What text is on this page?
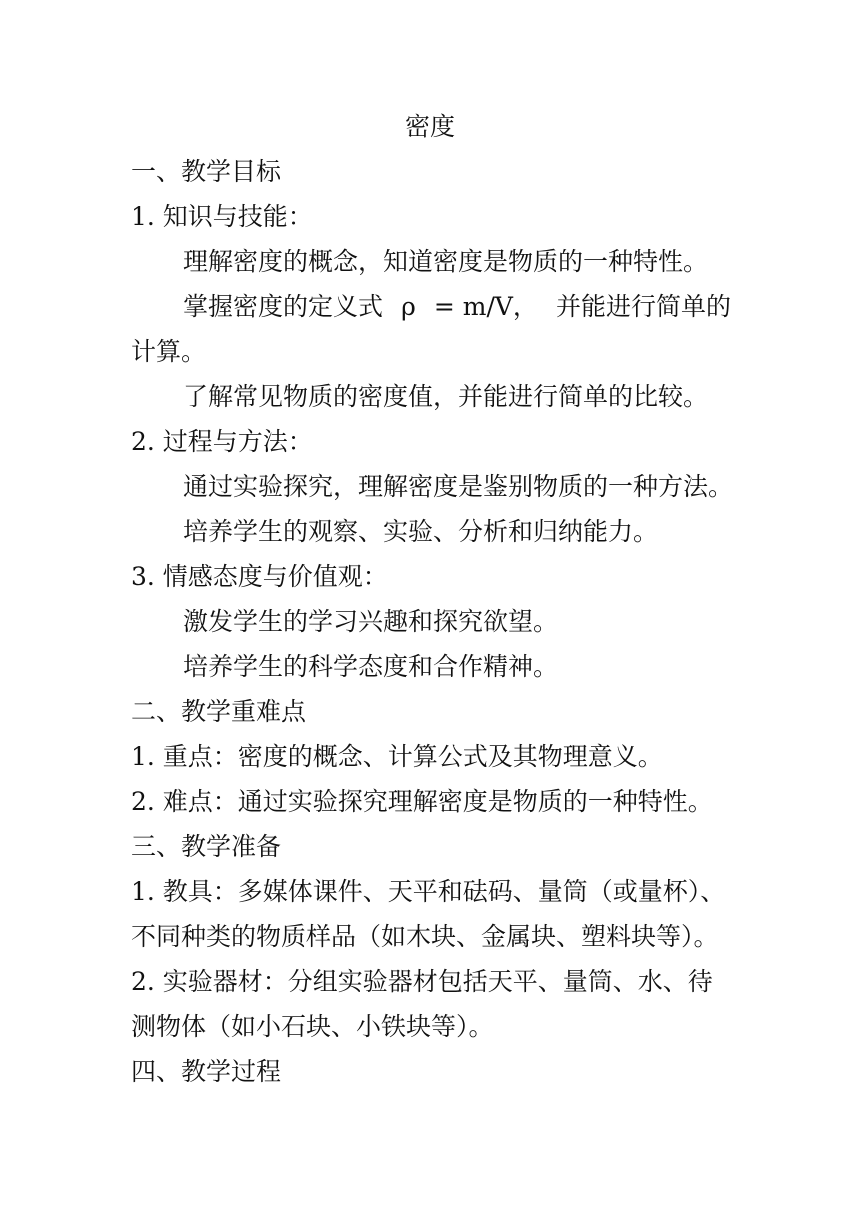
密度
一、教学目标
1. 知识与技能：
理解密度的概念，知道密度是物质的一种特性。
掌握密度的定义式 ρ = m/V， 并能进行简单的
计算。
了解常见物质的密度值，并能进行简单的比较。
2. 过程与方法：
通过实验探究，理解密度是鉴别物质的一种方法。
培养学生的观察、实验、分析和归纳能力。
3. 情感态度与价值观：
激发学生的学习兴趣和探究欲望。
培养学生的科学态度和合作精神。
二、教学重难点
1. 重点：密度的概念、计算公式及其物理意义。
2. 难点：通过实验探究理解密度是物质的一种特性。
三、教学准备
1. 教具：多媒体课件、天平和砝码、量筒（或量杯）、
不同种类的物质样品（如木块、金属块、塑料块等）。
2. 实验器材：分组实验器材包括天平、量筒、水、待
测物体（如小石块、小铁块等）。
四、教学过程
